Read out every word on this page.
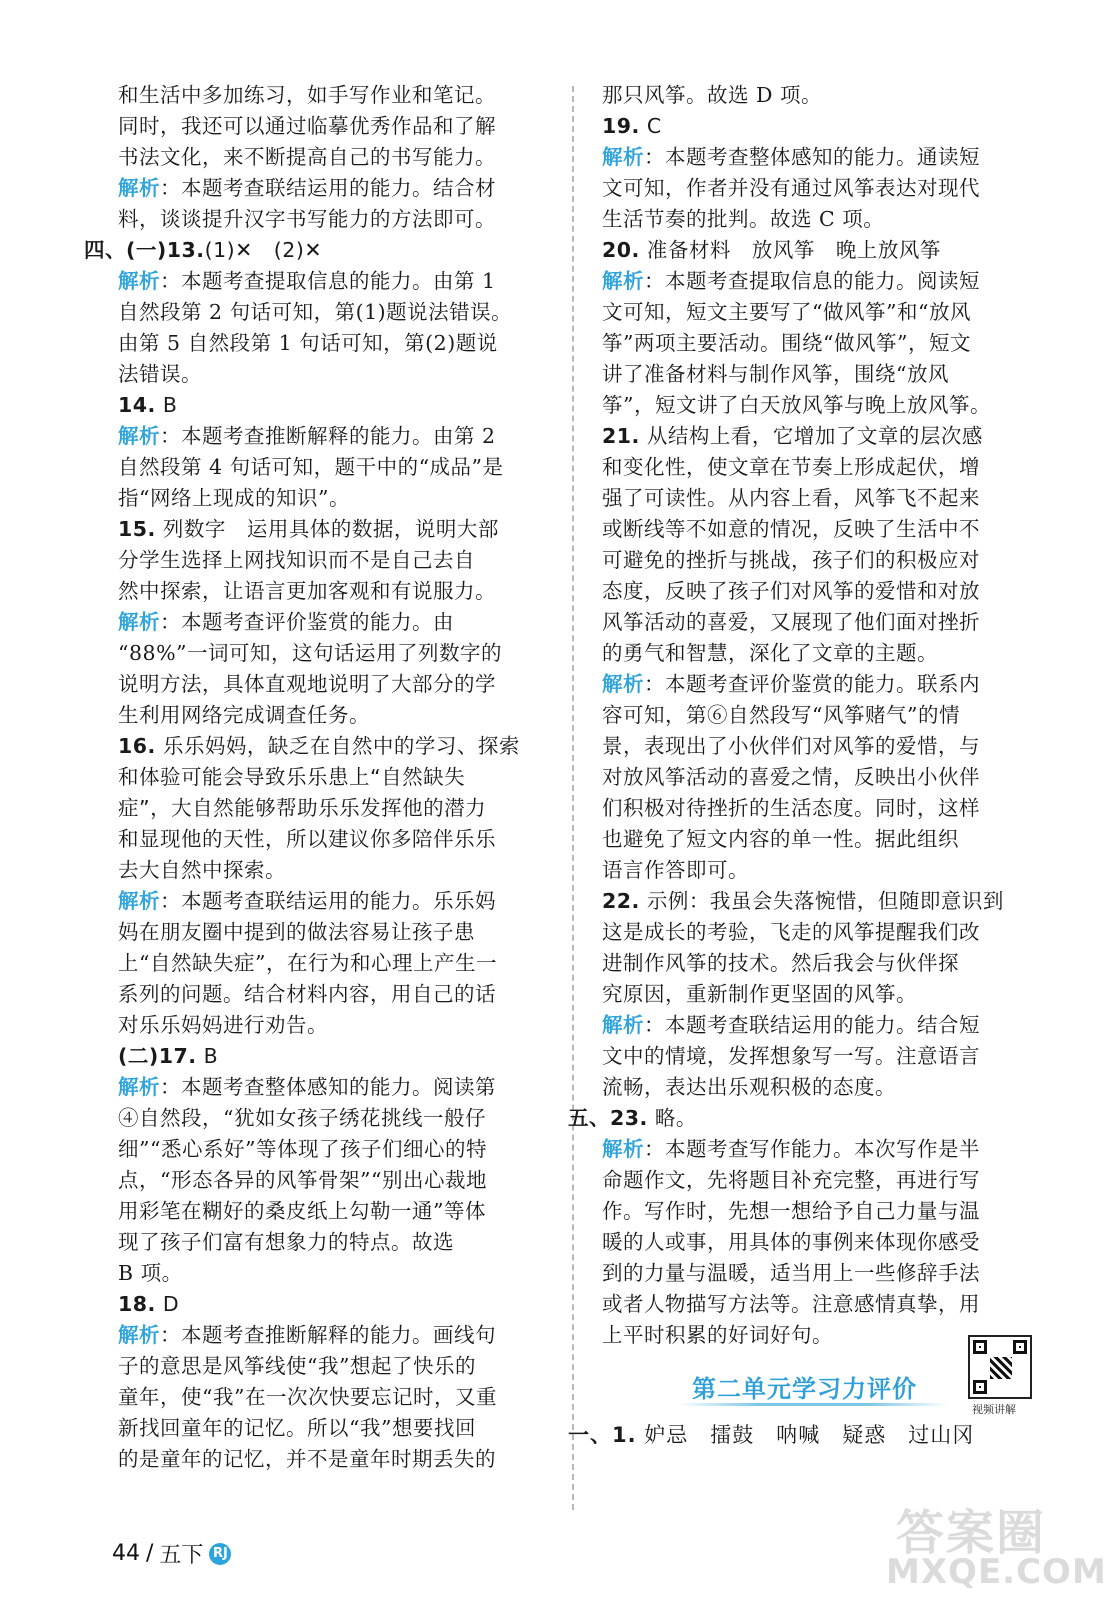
和生活中多加练习，如手写作业和笔记。
同时，我还可以通过临摹优秀作品和了解
书法文化，来不断提高自己的书写能力。
解析：本题考查联结运用的能力。结合材
料，谈谈提升汉字书写能力的方法即可。
四、(一)13.(1)✕　(2)✕
解析：本题考查提取信息的能力。由第 1
自然段第 2 句话可知，第(1)题说法错误。
由第 5 自然段第 1 句话可知，第(2)题说
法错误。
14. B
解析：本题考查推断解释的能力。由第 2
自然段第 4 句话可知，题干中的“成品”是
指“网络上现成的知识”。
15. 列数字　运用具体的数据，说明大部
分学生选择上网找知识而不是自己去自
然中探索，让语言更加客观和有说服力。
解析：本题考查评价鉴赏的能力。由
“88%”一词可知，这句话运用了列数字的
说明方法，具体直观地说明了大部分的学
生利用网络完成调查任务。
16. 乐乐妈妈，缺乏在自然中的学习、探索
和体验可能会导致乐乐患上“自然缺失
症”，大自然能够帮助乐乐发挥他的潜力
和显现他的天性，所以建议你多陪伴乐乐
去大自然中探索。
解析：本题考查联结运用的能力。乐乐妈
妈在朋友圈中提到的做法容易让孩子患
上“自然缺失症”，在行为和心理上产生一
系列的问题。结合材料内容，用自己的话
对乐乐妈妈进行劝告。
(二)17. B
解析：本题考查整体感知的能力。阅读第
④自然段，“犹如女孩子绣花挑线一般仔
细”“悉心系好”等体现了孩子们细心的特
点，“形态各异的风筝骨架”“别出心裁地
用彩笔在糊好的桑皮纸上勾勒一通”等体
现了孩子们富有想象力的特点。故选
B 项。
18. D
解析：本题考查推断解释的能力。画线句
子的意思是风筝线使“我”想起了快乐的
童年，使“我”在一次次快要忘记时，又重
新找回童年的记忆。所以“我”想要找回
的是童年的记忆，并不是童年时期丢失的
那只风筝。故选 D 项。
19. C
解析：本题考查整体感知的能力。通读短
文可知，作者并没有通过风筝表达对现代
生活节奏的批判。故选 C 项。
20. 准备材料　放风筝　晚上放风筝
解析：本题考查提取信息的能力。阅读短
文可知，短文主要写了“做风筝”和“放风
筝”两项主要活动。围绕“做风筝”，短文
讲了准备材料与制作风筝，围绕“放风
筝”，短文讲了白天放风筝与晚上放风筝。
21. 从结构上看，它增加了文章的层次感
和变化性，使文章在节奏上形成起伏，增
强了可读性。从内容上看，风筝飞不起来
或断线等不如意的情况，反映了生活中不
可避免的挫折与挑战，孩子们的积极应对
态度，反映了孩子们对风筝的爱惜和对放
风筝活动的喜爱，又展现了他们面对挫折
的勇气和智慧，深化了文章的主题。
解析：本题考查评价鉴赏的能力。联系内
容可知，第⑥自然段写“风筝赌气”的情
景，表现出了小伙伴们对风筝的爱惜，与
对放风筝活动的喜爱之情，反映出小伙伴
们积极对待挫折的生活态度。同时，这样
也避免了短文内容的单一性。据此组织
语言作答即可。
22. 示例：我虽会失落惋惜，但随即意识到
这是成长的考验，飞走的风筝提醒我们改
进制作风筝的技术。然后我会与伙伴探
究原因，重新制作更坚固的风筝。
解析：本题考查联结运用的能力。结合短
文中的情境，发挥想象写一写。注意语言
流畅，表达出乐观积极的态度。
五、23. 略。
解析：本题考查写作能力。本次写作是半
命题作文，先将题目补充完整，再进行写
作。写作时，先想一想给予自己力量与温
暖的人或事，用具体的事例来体现你感受
到的力量与温暖，适当用上一些修辞手法
或者人物描写方法等。注意感情真挚，用
上平时积累的好词好句。
第二单元学习力评价
视频讲解
一、1. 妒忌　擂鼓　呐喊　疑惑　过山冈
44 / 五下 RJ	答案圈
MXQE.COM
